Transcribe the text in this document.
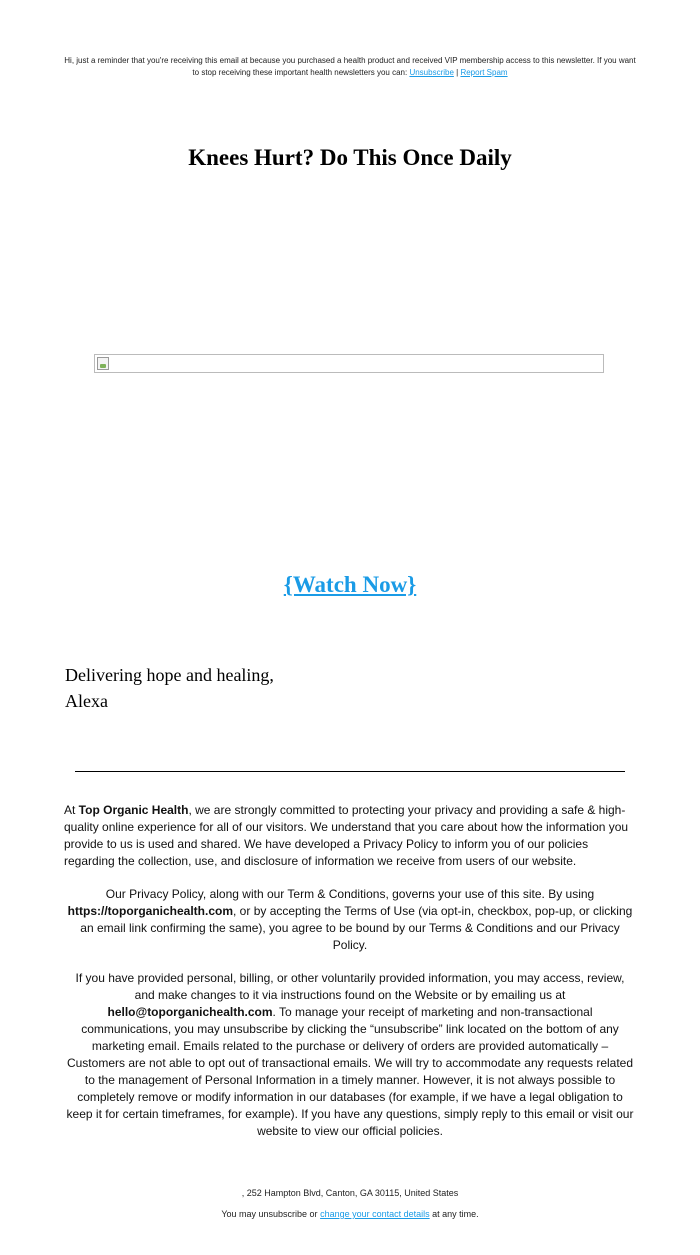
Hi, just a reminder that you're receiving this email at because you purchased a health product and received VIP membership access to this newsletter. If you want to stop receiving these important health newsletters you can: Unsubscribe | Report Spam
Knees Hurt? Do This Once Daily
{Watch Now}
Delivering hope and healing,
Alexa
At Top Organic Health, we are strongly committed to protecting your privacy and providing a safe & high-quality online experience for all of our visitors. We understand that you care about how the information you provide to us is used and shared. We have developed a Privacy Policy to inform you of our policies regarding the collection, use, and disclosure of information we receive from users of our website.
Our Privacy Policy, along with our Term & Conditions, governs your use of this site. By using https://toporganichealth.com, or by accepting the Terms of Use (via opt-in, checkbox, pop-up, or clicking an email link confirming the same), you agree to be bound by our Terms & Conditions and our Privacy Policy.
If you have provided personal, billing, or other voluntarily provided information, you may access, review, and make changes to it via instructions found on the Website or by emailing us at hello@toporganichealth.com. To manage your receipt of marketing and non-transactional communications, you may unsubscribe by clicking the “unsubscribe” link located on the bottom of any marketing email. Emails related to the purchase or delivery of orders are provided automatically – Customers are not able to opt out of transactional emails. We will try to accommodate any requests related to the management of Personal Information in a timely manner. However, it is not always possible to completely remove or modify information in our databases (for example, if we have a legal obligation to keep it for certain timeframes, for example). If you have any questions, simply reply to this email or visit our website to view our official policies.
, 252 Hampton Blvd, Canton, GA 30115, United States
You may unsubscribe or change your contact details at any time.
